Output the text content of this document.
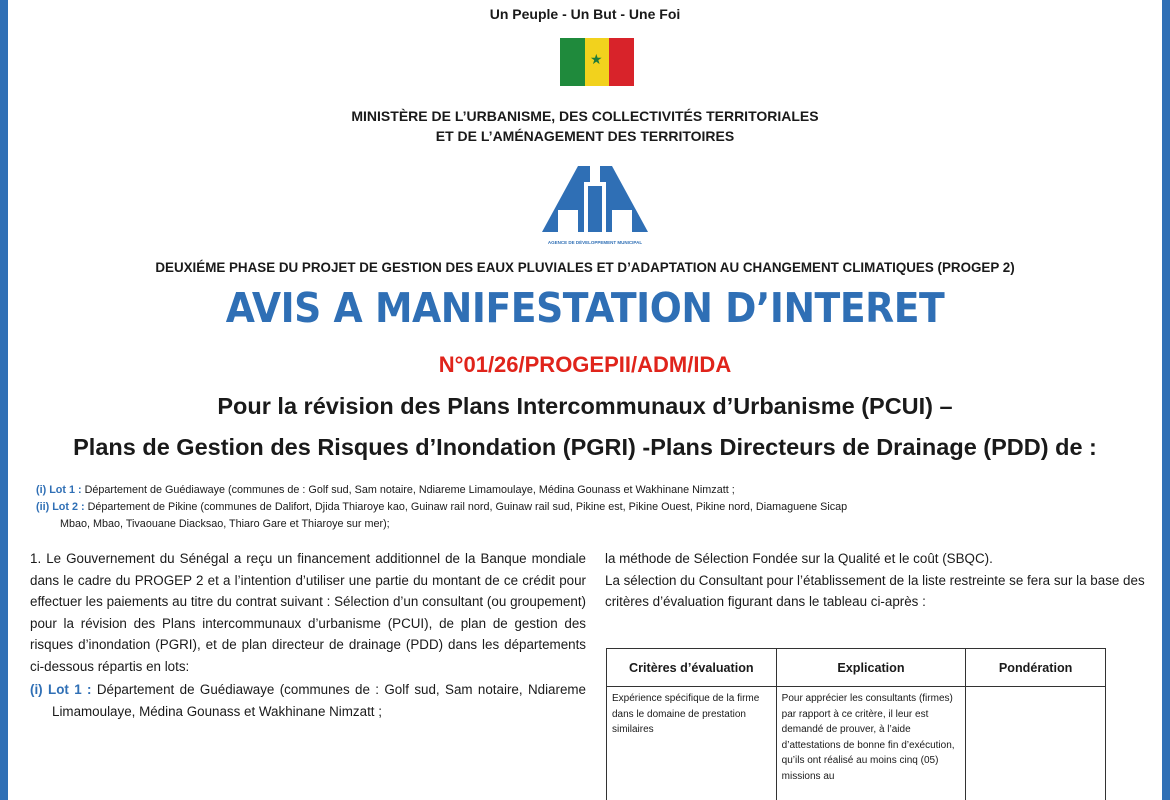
Un Peuple - Un But - Une Foi
★
MINISTÈRE DE L’URBANISME, DES COLLECTIVITÉS TERRITORIALES
ET DE L’AMÉNAGEMENT DES TERRITOIRES
AGENCE DE DÉVELOPPEMENT MUNICIPAL
DEUXIÉME PHASE DU PROJET DE GESTION DES EAUX PLUVIALES ET D’ADAPTATION AU CHANGEMENT CLIMATIQUES (PROGEP 2)
AVIS A MANIFESTATION D’INTERET
N°01/26/PROGEPII/ADM/IDA
Pour la révision des Plans Intercommunaux d’Urbanisme (PCUI) –
Plans de Gestion des Risques d’Inondation (PGRI) -Plans Directeurs de Drainage (PDD) de :
(i) Lot 1 : Département de Guédiawaye (communes de : Golf sud, Sam notaire, Ndiareme Limamoulaye, Médina Gounass et Wakhinane Nimzatt ;
(ii) Lot 2 : Département de Pikine (communes de Dalifort, Djida Thiaroye kao, Guinaw rail nord, Guinaw rail sud, Pikine est, Pikine Ouest, Pikine nord, Diamaguene Sicap
Mbao, Mbao, Tivaouane Diacksao, Thiaro Gare et Thiaroye sur mer);

1. Le Gouvernement du Sénégal a reçu un financement additionnel de la Banque mondiale dans le cadre du PROGEP 2 et a l’intention d’utiliser une partie du montant de ce crédit pour effectuer les paiements au titre du contrat suivant : Sélection d’un consultant (ou groupement) pour la révision des Plans intercommunaux d’urbanisme (PCUI), de plan de gestion des risques d’inondation (PGRI), et de plan directeur de drainage (PDD) dans les départements ci-dessous répartis en lots:

(i) Lot 1 : Département de Guédiawaye (communes de : Golf sud, Sam notaire, Ndiareme Limamoulaye, Médina Gounass et Wakhinane Nimzatt ;

la méthode de Sélection Fondée sur la Qualité et le coût (SBQC).

La sélection du Consultant pour l’établissement de la liste restreinte se fera sur la base des critères d’évaluation figurant dans le tableau ci-après :

Critères d’évaluation	Explication	Pondération
Expérience spécifique de la firme dans le domaine de prestation similaires	Pour apprécier les consultants (firmes) par rapport à ce critère, il leur est demandé de prouver, à l’aide d’attestations de bonne fin d’exécution, qu’ils ont réalisé au moins cinq (05) missions au	
